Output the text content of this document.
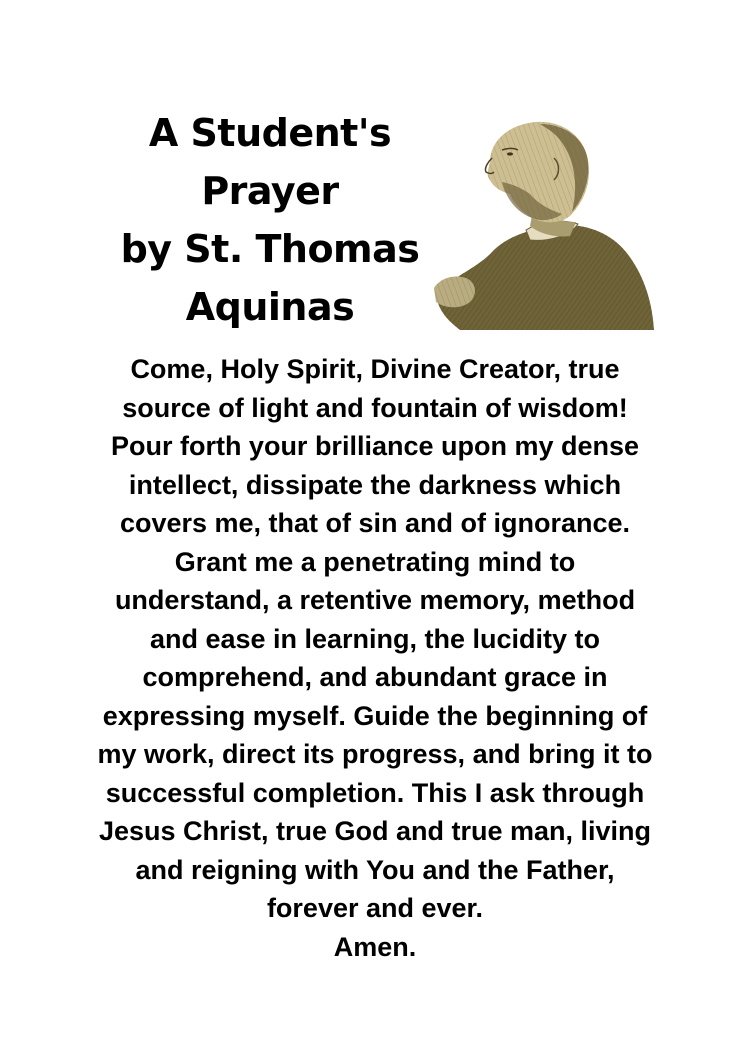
A Student's
Prayer
by St. Thomas
Aquinas
Come, Holy Spirit, Divine Creator, true
source of light and fountain of wisdom!
Pour forth your brilliance upon my dense
intellect, dissipate the darkness which
covers me, that of sin and of ignorance.
Grant me a penetrating mind to
understand, a retentive memory, method
and ease in learning, the lucidity to
comprehend, and abundant grace in
expressing myself. Guide the beginning of
my work, direct its progress, and bring it to
successful completion. This I ask through
Jesus Christ, true God and true man, living
and reigning with You and the Father,
forever and ever.
Amen.
